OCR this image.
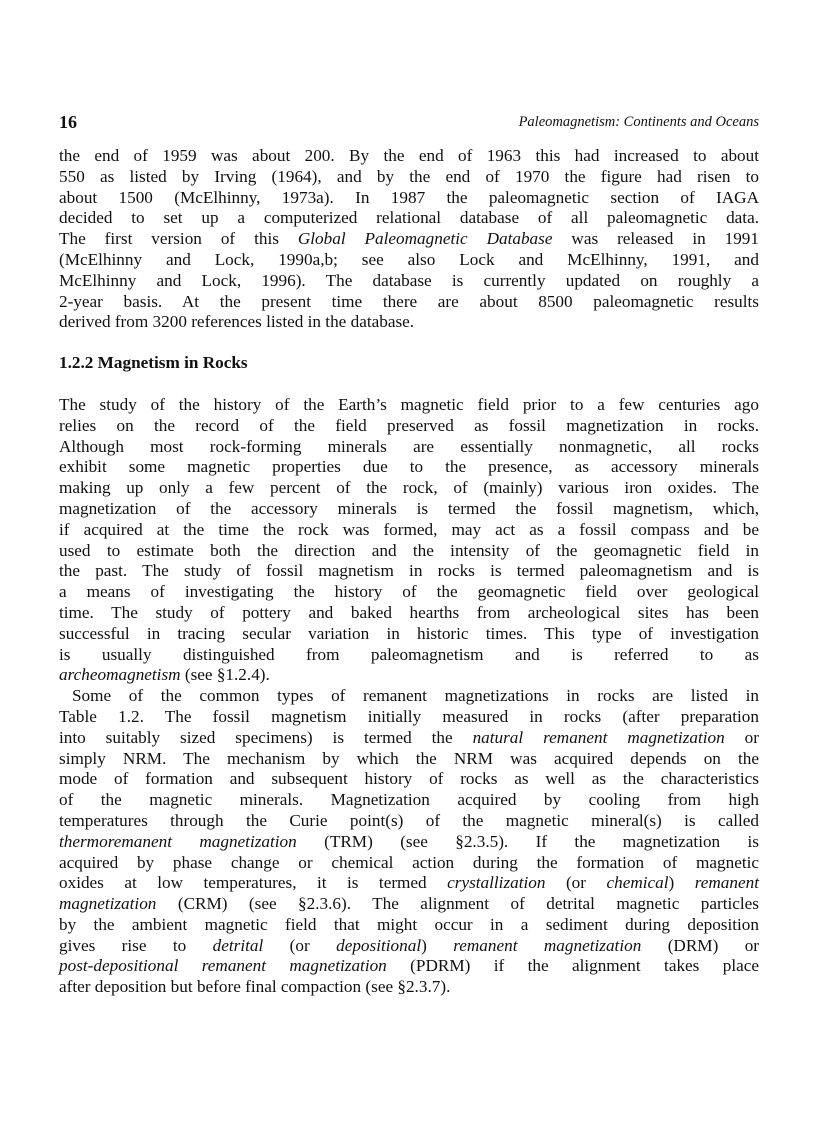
16	Paleomagnetism: Continents and Oceans
the end of 1959 was about 200. By the end of 1963 this had increased to about
550 as listed by Irving (1964), and by the end of 1970 the figure had risen to
about 1500 (McElhinny, 1973a). In 1987 the paleomagnetic section of IAGA
decided to set up a computerized relational database of all paleomagnetic data.
The first version of this Global Paleomagnetic Database was released in 1991
(McElhinny and Lock, 1990a,b; see also Lock and McElhinny, 1991, and
McElhinny and Lock, 1996). The database is currently updated on roughly a
2-year basis. At the present time there are about 8500 paleomagnetic results
derived from 3200 references listed in the database.
1.2.2 Magnetism in Rocks
The study of the history of the Earth’s magnetic field prior to a few centuries ago
relies on the record of the field preserved as fossil magnetization in rocks.
Although most rock-forming minerals are essentially nonmagnetic, all rocks
exhibit some magnetic properties due to the presence, as accessory minerals
making up only a few percent of the rock, of (mainly) various iron oxides. The
magnetization of the accessory minerals is termed the fossil magnetism, which,
if acquired at the time the rock was formed, may act as a fossil compass and be
used to estimate both the direction and the intensity of the geomagnetic field in
the past. The study of fossil magnetism in rocks is termed paleomagnetism and is
a means of investigating the history of the geomagnetic field over geological
time. The study of pottery and baked hearths from archeological sites has been
successful in tracing secular variation in historic times. This type of investigation
is usually distinguished from paleomagnetism and is referred to as
archeomagnetism (see §1.2.4).
Some of the common types of remanent magnetizations in rocks are listed in
Table 1.2. The fossil magnetism initially measured in rocks (after preparation
into suitably sized specimens) is termed the natural remanent magnetization or
simply NRM. The mechanism by which the NRM was acquired depends on the
mode of formation and subsequent history of rocks as well as the characteristics
of the magnetic minerals. Magnetization acquired by cooling from high
temperatures through the Curie point(s) of the magnetic mineral(s) is called
thermoremanent magnetization (TRM) (see §2.3.5). If the magnetization is
acquired by phase change or chemical action during the formation of magnetic
oxides at low temperatures, it is termed crystallization (or chemical) remanent
magnetization (CRM) (see §2.3.6). The alignment of detrital magnetic particles
by the ambient magnetic field that might occur in a sediment during deposition
gives rise to detrital (or depositional) remanent magnetization (DRM) or
post-depositional remanent magnetization (PDRM) if the alignment takes place
after deposition but before final compaction (see §2.3.7).
